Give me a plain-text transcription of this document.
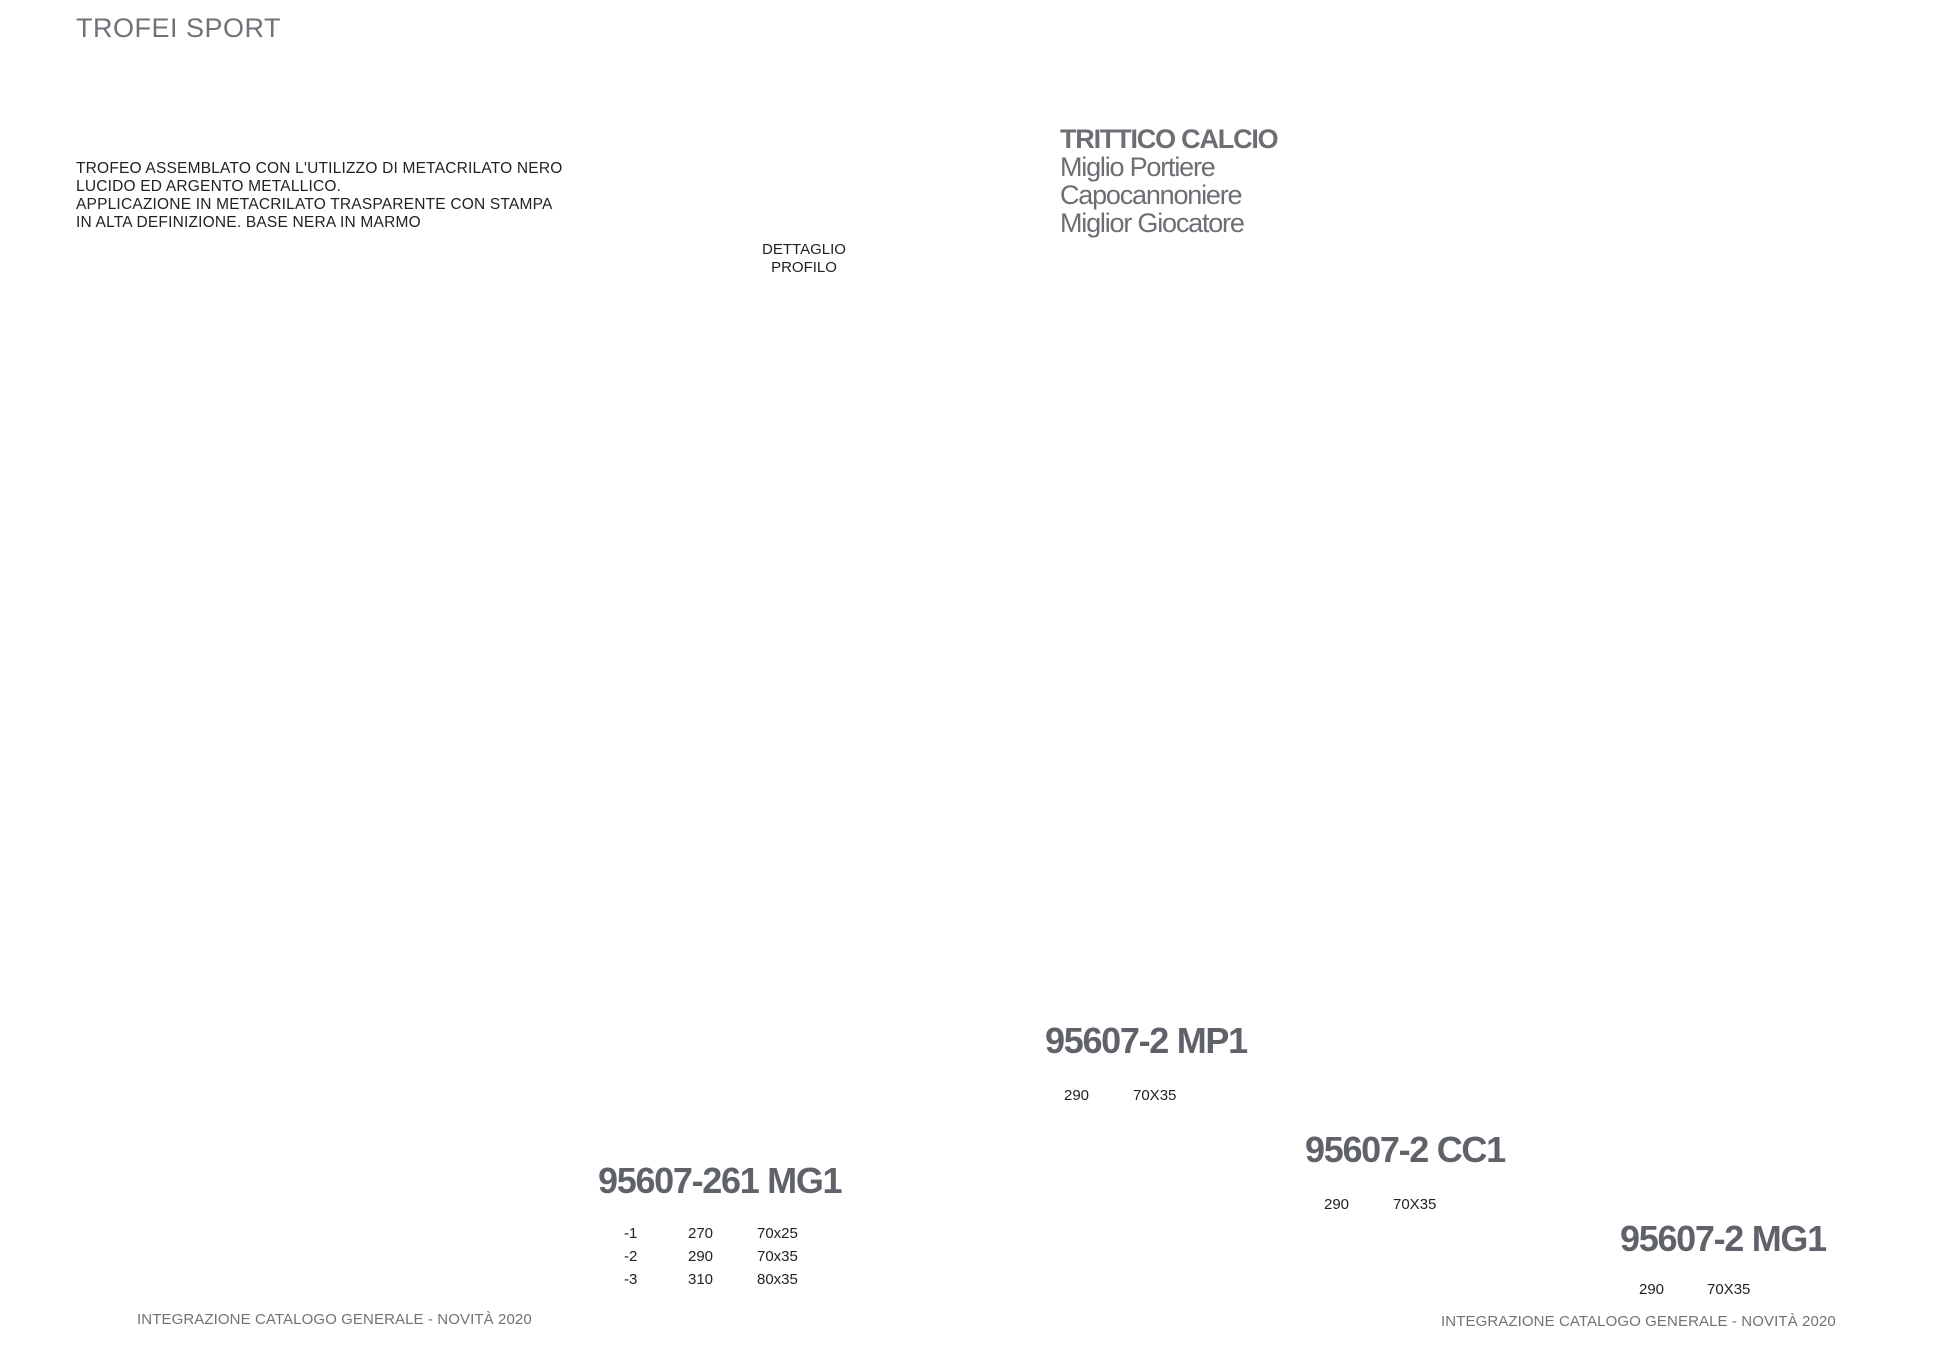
TROFEI SPORT
TROFEO ASSEMBLATO CON L'UTILIZZO DI METACRILATO NERO
LUCIDO ED ARGENTO METALLICO.
APPLICAZIONE IN METACRILATO TRASPARENTE CON STAMPA
IN ALTA DEFINIZIONE. BASE NERA IN MARMO
DETTAGLIO
PROFILO
TRITTICO CALCIO
Miglio Portiere
Capocannoniere
Miglior Giocatore
95607-261 MG1
-1	270	70x25
-2	290	70x35
-3	310	80x35
95607-2 MP1
290	70X35
95607-2 CC1
290	70X35
95607-2 MG1
290	70X35
INTEGRAZIONE CATALOGO GENERALE - NOVITÀ 2020	INTEGRAZIONE CATALOGO GENERALE - NOVITÀ 2020
